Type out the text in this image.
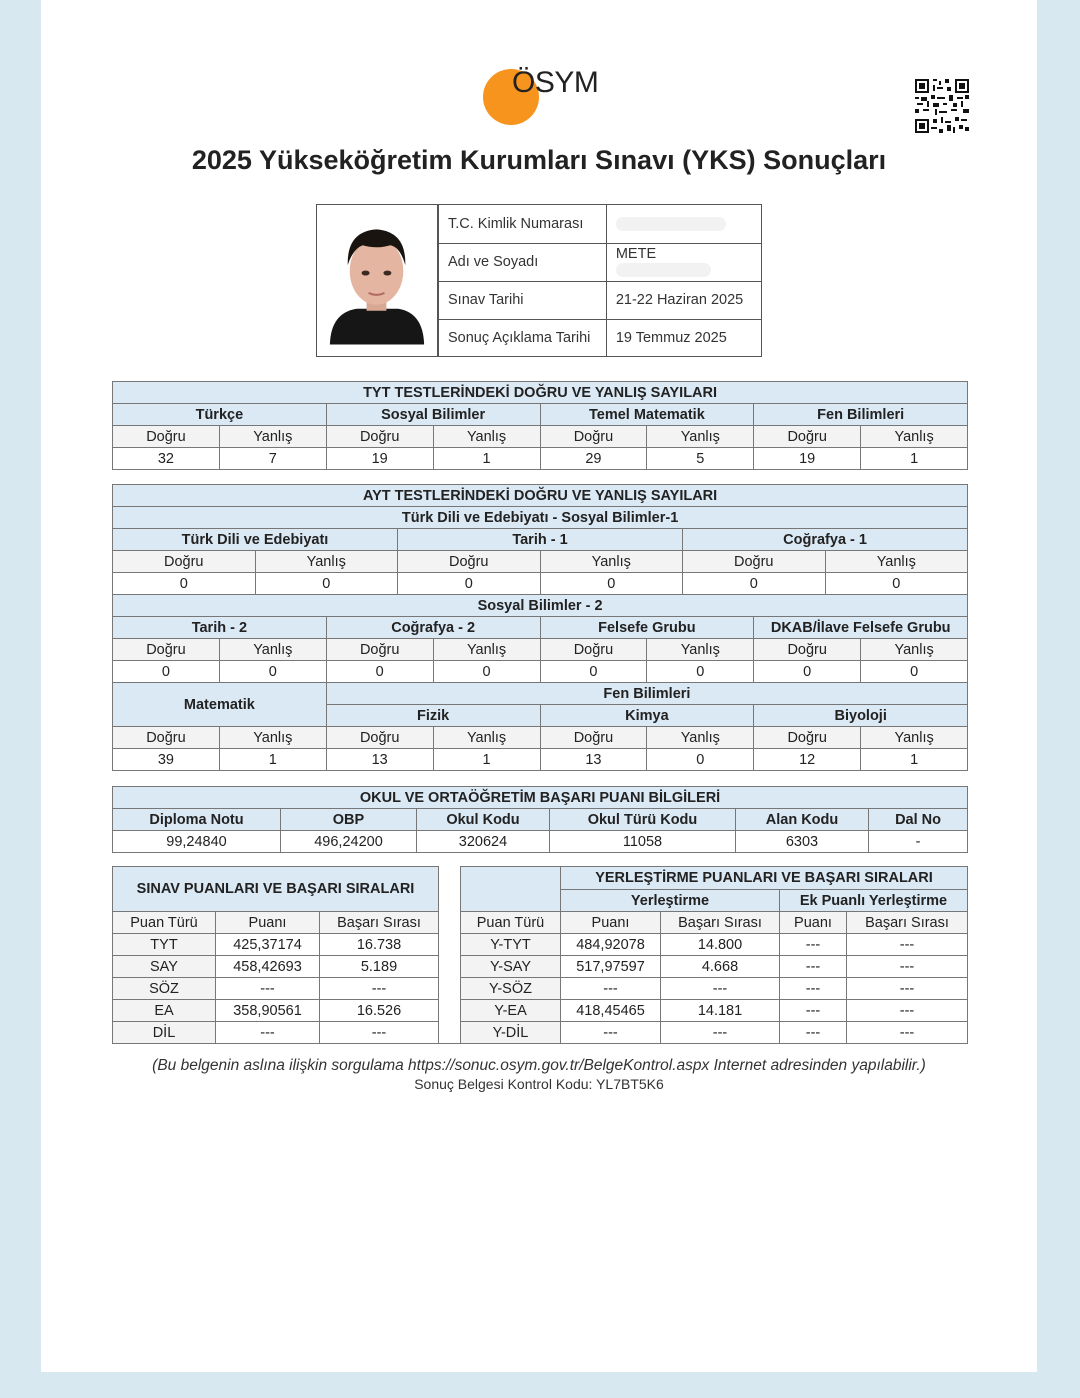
ÖSYM
2025 Yükseköğretim Kurumları Sınavı (YKS) Sonuçları
T.C. Kimlik Numarası	
Adı ve Soyadı	METE
Sınav Tarihi	21-22 Haziran 2025
Sonuç Açıklama Tarihi	19 Temmuz 2025
TYT TESTLERİNDEKİ DOĞRU VE YANLIŞ SAYILARI							
Türkçe		Sosyal Bilimler		Temel Matematik		Fen Bilimleri	
Doğru	Yanlış	Doğru	Yanlış	Doğru	Yanlış	Doğru	Yanlış
32	7	19	1	29	5	19	1
AYT TESTLERİNDEKİ DOĞRU VE YANLIŞ SAYILARI											
Türk Dili ve Edebiyatı - Sosyal Bilimler-1											
Türk Dili ve Edebiyatı				Tarih - 1				Coğrafya - 1			
Doğru		Yanlış		Doğru		Yanlış		Doğru		Yanlış	
0		0		0		0		0		0	
Sosyal Bilimler - 2											
Tarih - 2			Coğrafya - 2			Felsefe Grubu			DKAB/İlave Felsefe Grubu		
Doğru	Yanlış		Doğru		Yanlış	Doğru	Yanlış		Doğru		Yanlış
0	0		0		0	0	0		0		0
Matematik			Fen Bilimleri								
			Fizik			Kimya			Biyoloji		
Doğru	Yanlış		Doğru		Yanlış	Doğru	Yanlış		Doğru		Yanlış
39	1		13		1	13	0		12		1
OKUL VE ORTAÖĞRETİM BAŞARI PUANI BİLGİLERİ					
Diploma Notu	OBP	Okul Kodu	Okul Türü Kodu	Alan Kodu	Dal No
99,24840	496,24200	320624	11058	6303	-
SINAV PUANLARI VE BAŞARI SIRALARI					YERLEŞTİRME PUANLARI VE BAŞARI SIRALARI			
					Yerleştirme		Ek Puanlı Yerleştirme	
Puan Türü	Puanı	Başarı Sırası		Puan Türü	Puanı	Başarı Sırası	Puanı	Başarı Sırası
TYT	425,37174	16.738		Y-TYT	484,92078	14.800	---	---
SAY	458,42693	5.189		Y-SAY	517,97597	4.668	---	---
SÖZ	---	---		Y-SÖZ	---	---	---	---
EA	358,90561	16.526		Y-EA	418,45465	14.181	---	---
DİL	---	---		Y-DİL	---	---	---	---
(Bu belgenin aslına ilişkin sorgulama https://sonuc.osym.gov.tr/BelgeKontrol.aspx Internet adresinden yapılabilir.)
Sonuç Belgesi Kontrol Kodu: YL7BT5K6
